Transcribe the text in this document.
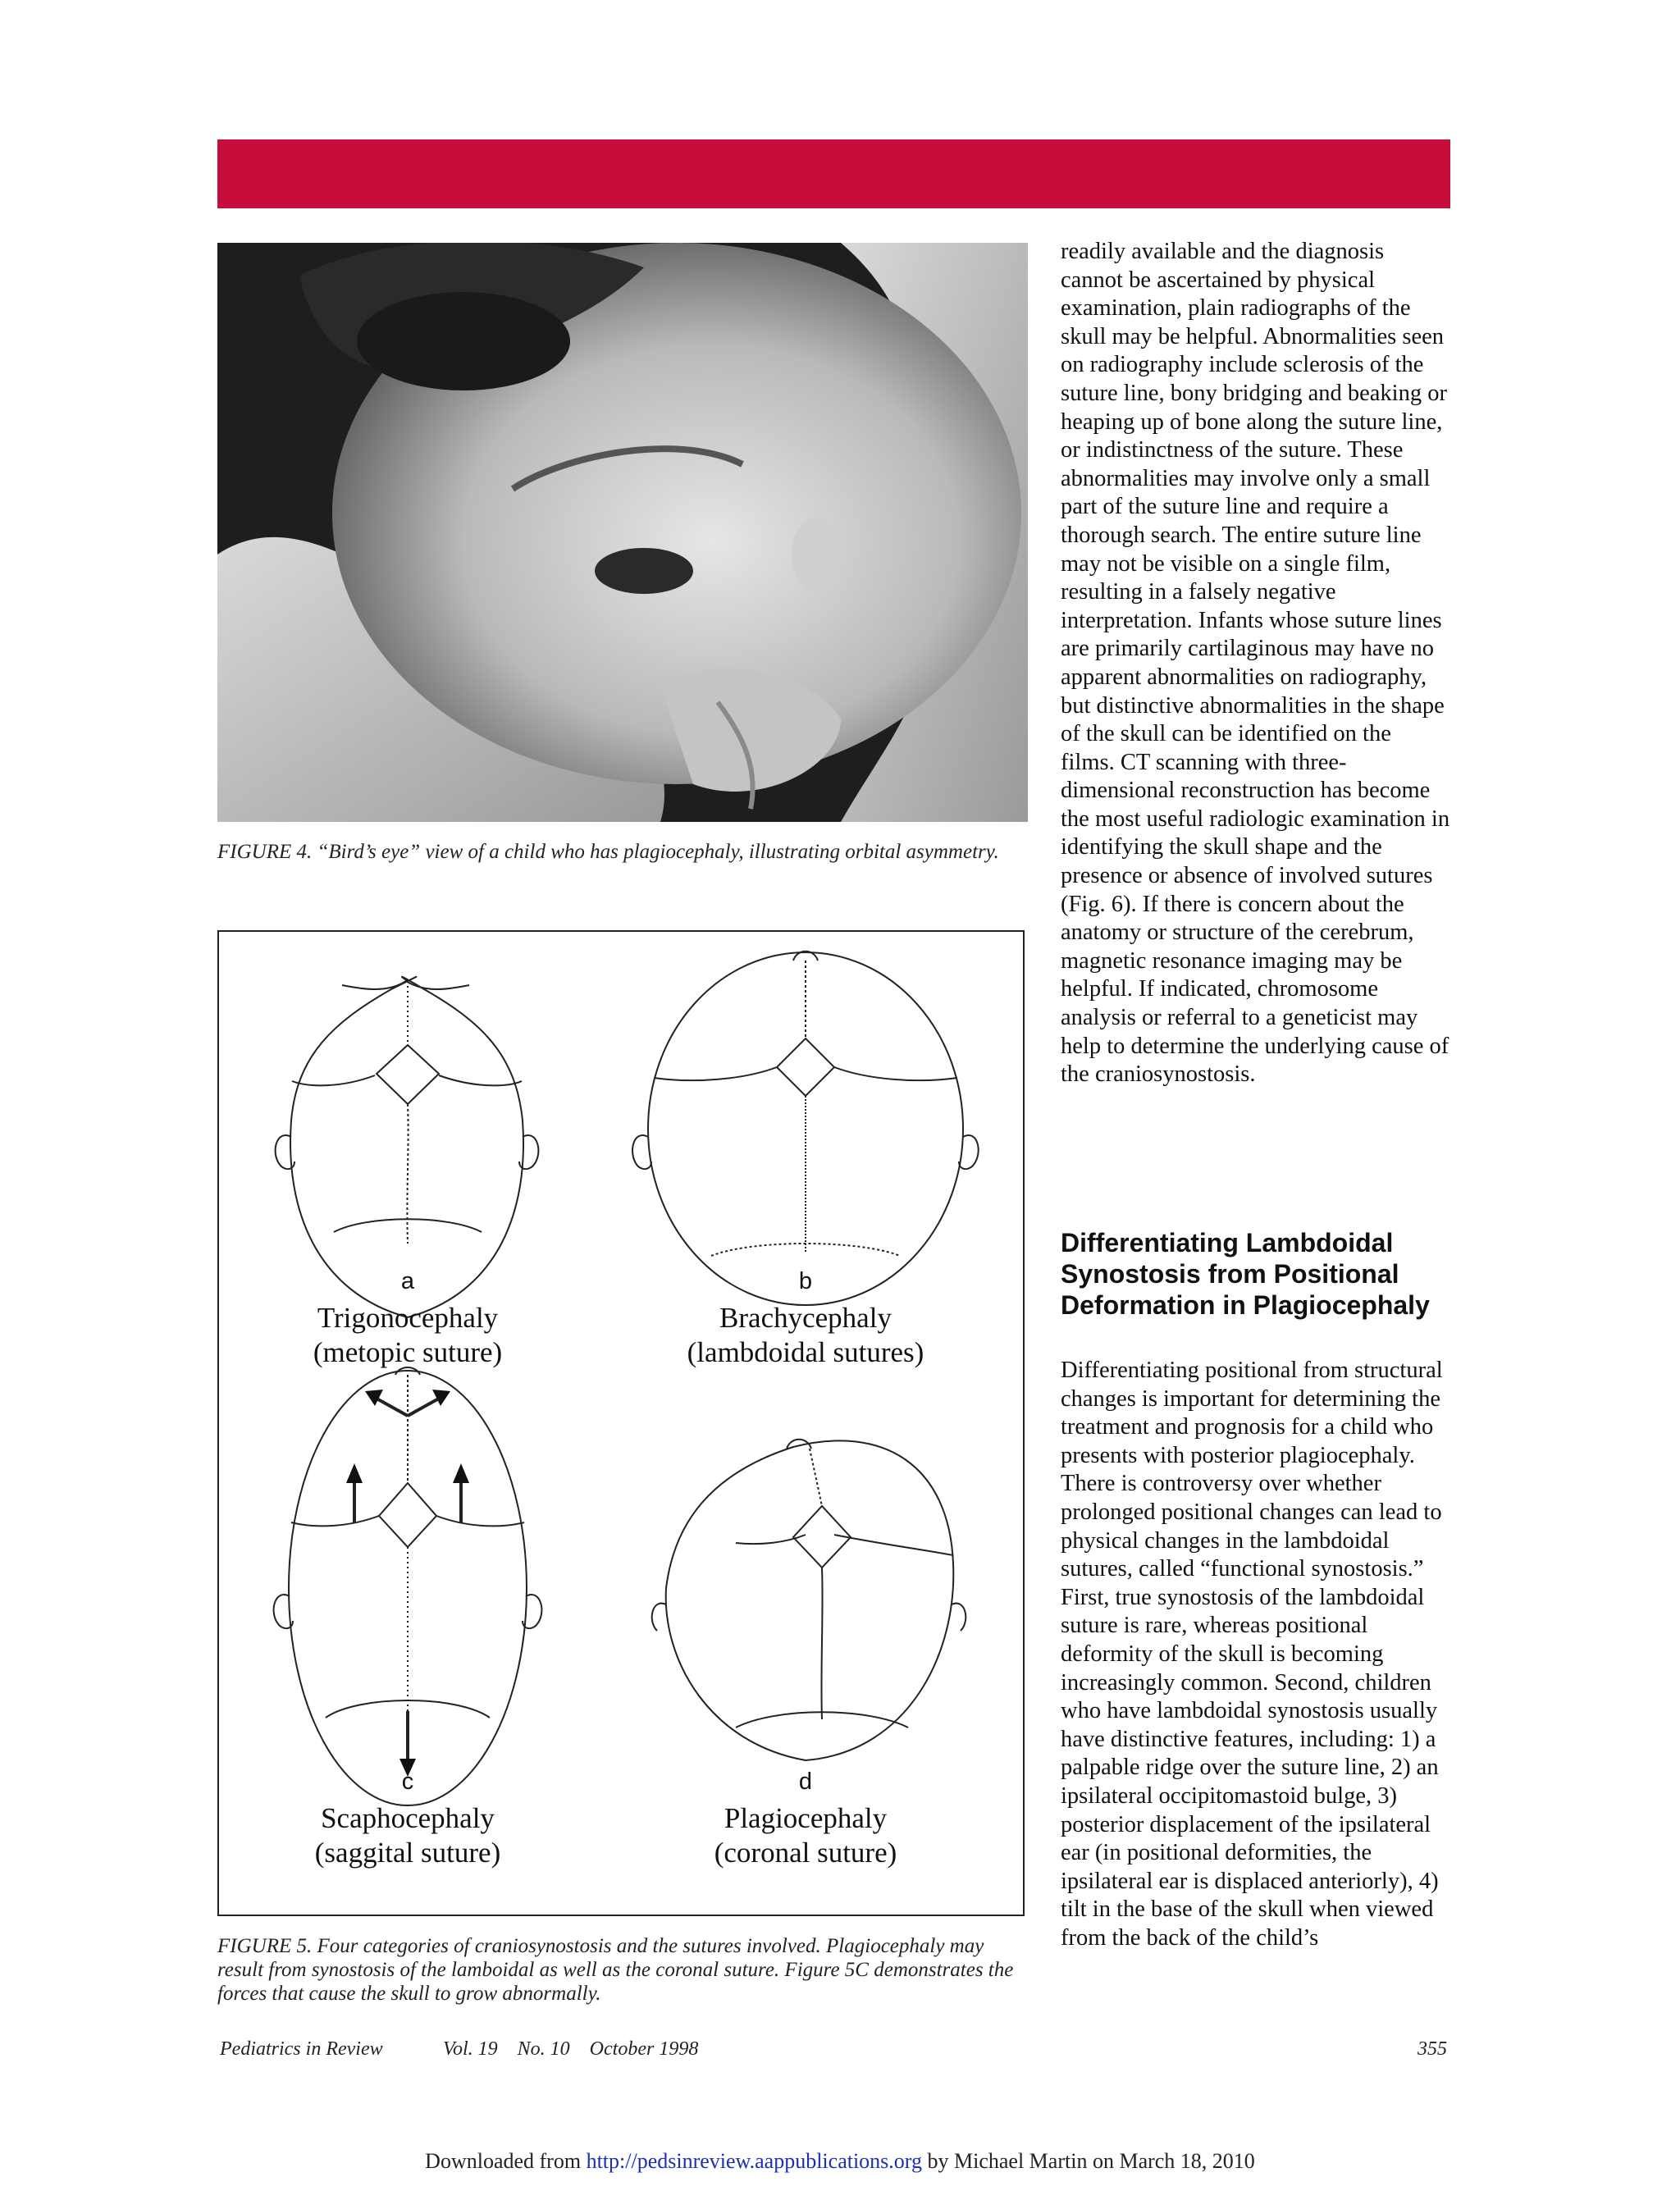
FIGURE 4. “Bird’s eye” view of a child who has plagiocephaly, illustrating orbital asymmetry.
a
Trigonocephaly
(metopic suture)
b
Brachycephaly
(lambdoidal sutures)
c
Scaphocephaly
(saggital suture)
d
Plagiocephaly
(coronal suture)
FIGURE 5. Four categories of craniosynostosis and the sutures involved. Plagiocephaly may result from synostosis of the lamboidal as well as the coronal suture. Figure 5C demonstrates the forces that cause the skull to grow abnormally.

readily available and the diagnosis cannot be ascertained by physical examination, plain radiographs of the skull may be helpful. Abnormalities seen on radiography include sclerosis of the suture line, bony bridging and beaking or heaping up of bone along the suture line, or indistinctness of the suture. These abnormalities may involve only a small part of the suture line and require a thorough search. The entire suture line may not be visible on a single film, resulting in a falsely negative interpretation. Infants whose suture lines are primarily cartilaginous may have no apparent abnormalities on radiography, but distinctive abnormalities in the shape of the skull can be identified on the films. CT scanning with three-dimensional reconstruction has become the most useful radiologic examination in identifying the skull shape and the presence or absence of involved sutures (Fig. 6). If there is concern about the anatomy or structure of the cerebrum, magnetic resonance imaging may be helpful. If indicated, chromosome analysis or referral to a geneticist may help to determine the underlying cause of the craniosynostosis.

Differentiating Lambdoidal Synostosis from Positional Deformation in Plagiocephaly

Differentiating positional from structural changes is important for determining the treatment and prognosis for a child who presents with posterior plagiocephaly. There is controversy over whether prolonged positional changes can lead to physical changes in the lambdoidal sutures, called “functional synostosis.” First, true synostosis of the lambdoidal suture is rare, whereas positional deformity of the skull is becoming increasingly common. Second, children who have lambdoidal synostosis usually have distinctive features, including: 1) a palpable ridge over the suture line, 2) an ipsilateral occipitomastoid bulge, 3) posterior displacement of the ipsilateral ear (in positional deformities, the ipsilateral ear is displaced anteriorly), 4) tilt in the base of the skull when viewed from the back of the child’s

Pediatrics in Review	Vol. 19    No. 10    October 1998	355
Downloaded from http://pedsinreview.aappublications.org by Michael Martin on March 18, 2010
